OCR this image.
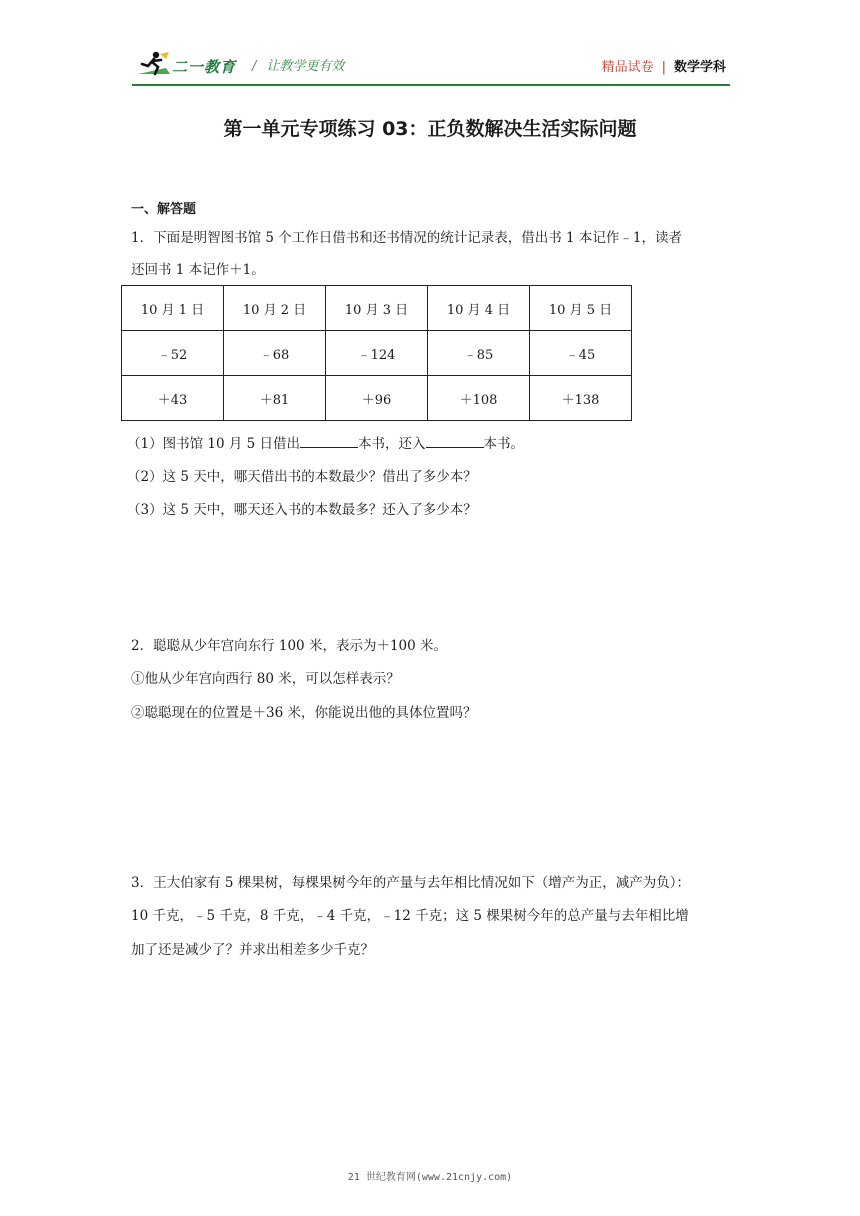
二一教育 / 让教学更有效	精品试卷 | 数学学科
第一单元专项练习 03：正负数解决生活实际问题
一、解答题
1．下面是明智图书馆 5 个工作日借书和还书情况的统计记录表，借出书 1 本记作﹣1，读者
还回书 1 本记作＋1。
10 月 1 日	10 月 2 日	10 月 3 日	10 月 4 日	10 月 5 日
﹣52	﹣68	﹣124	﹣85	﹣45
＋43	＋81	＋96	＋108	＋138
（1）图书馆 10 月 5 日借出	本书，还入	本书。
（2）这 5 天中，哪天借出书的本数最少？借出了多少本？
（3）这 5 天中，哪天还入书的本数最多？还入了多少本？
2．聪聪从少年宫向东行 100 米，表示为＋100 米。
①他从少年宫向西行 80 米，可以怎样表示？
②聪聪现在的位置是＋36 米，你能说出他的具体位置吗？
3．王大伯家有 5 棵果树，每棵果树今年的产量与去年相比情况如下（增产为正，减产为负）：
10 千克，﹣5 千克，8 千克，﹣4 千克，﹣12 千克；这 5 棵果树今年的总产量与去年相比增
加了还是减少了？并求出相差多少千克？
21 世纪教育网(www.21cnjy.com)
